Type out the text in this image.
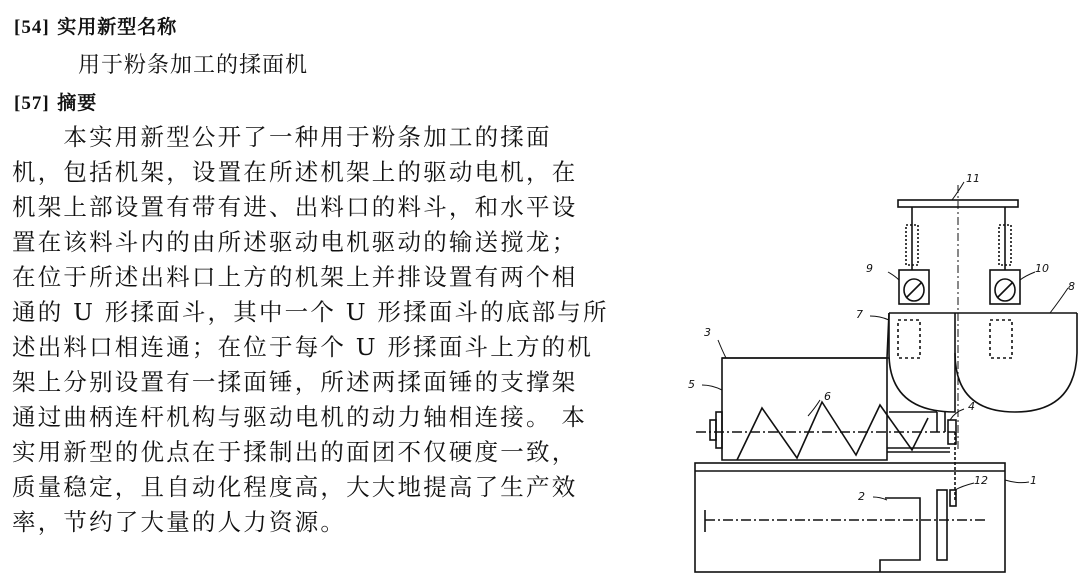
[54] 实用新型名称
用于粉条加工的揉面机
[57] 摘要
　　本实用新型公开了一种用于粉条加工的揉面
机，包括机架，设置在所述机架上的驱动电机，在
机架上部设置有带有进、出料口的料斗，和水平设
置在该料斗内的由所述驱动电机驱动的输送搅龙；
在位于所述出料口上方的机架上并排设置有两个相
通的 U 形揉面斗，其中一个 U 形揉面斗的底部与所
述出料口相连通；在位于每个 U 形揉面斗上方的机
架上分别设置有一揉面锤，所述两揉面锤的支撑架
通过曲柄连杆机构与驱动电机的动力轴相连接。 本
实用新型的优点在于揉制出的面团不仅硬度一致，
质量稳定，且自动化程度高，大大地提高了生产效
率，节约了大量的人力资源。
11
9	10
8
7
3
5
6
4
12	1
2
